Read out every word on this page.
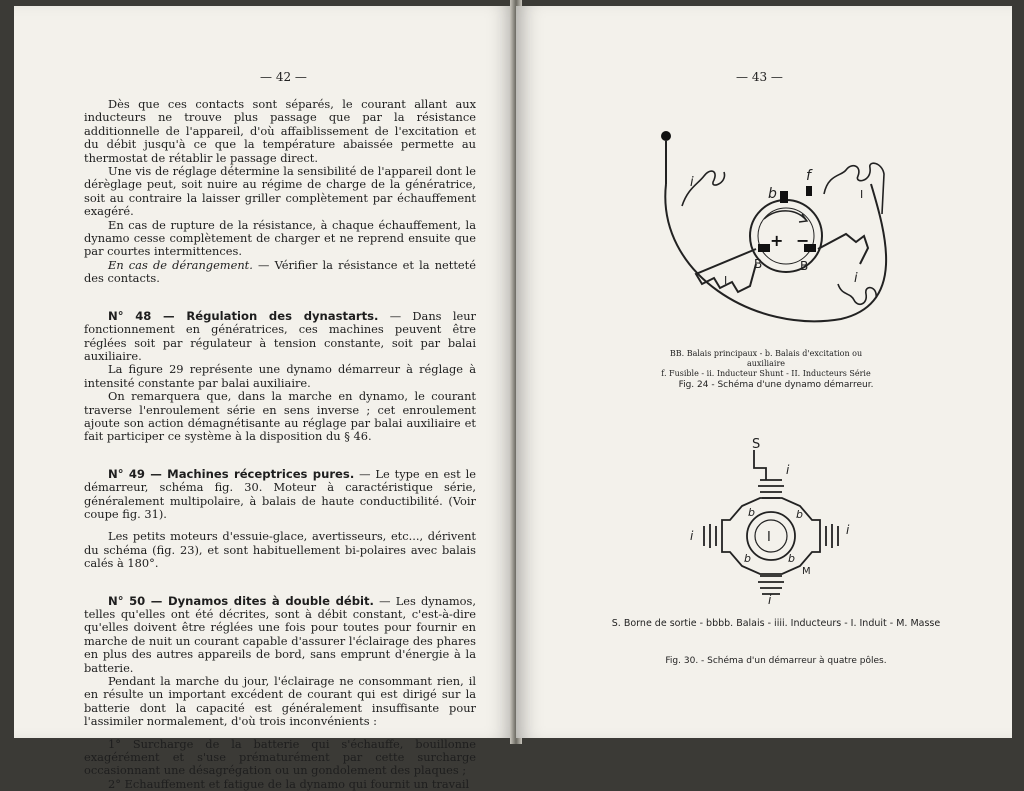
— 42 —

Dès que ces contacts sont séparés, le courant allant aux inducteurs ne trouve plus passage que par la résistance additionnelle de l'appareil, d'où affaiblissement de l'excitation et du débit jusqu'à ce que la température abaissée permette au thermostat de rétablir le passage direct.

Une vis de réglage détermine la sensibilité de l'appareil dont le dérèglage peut, soit nuire au régime de charge de la génératrice, soit au contraire la laisser griller complètement par échauffement exagéré.

En cas de rupture de la résistance, à chaque échauffement, la dynamo cesse complètement de charger et ne reprend ensuite que par courtes intermittences.

En cas de dérangement. — Vérifier la résistance et la netteté des contacts.

N° 48 — Régulation des dynastarts. — Dans leur fonctionnement en génératrices, ces machines peuvent être réglées soit par régulateur à tension constante, soit par balai auxiliaire.

La figure 29 représente une dynamo démarreur à réglage à intensité constante par balai auxiliaire.

On remarquera que, dans la marche en dynamo, le courant traverse l'enroulement série en sens inverse ; cet enroulement ajoute son action démagnétisante au réglage par balai auxiliaire et fait participer ce système à la disposition du § 46.

N° 49 — Machines réceptrices pures. — Le type en est le démarreur, schéma fig. 30. Moteur à caractéristique série, généralement multipolaire, à balais de haute conductibilité. (Voir coupe fig. 31).

Les petits moteurs d'essuie-glace, avertisseurs, etc..., dérivent du schéma (fig. 23), et sont habituellement bi-polaires avec balais calés à 180°.

N° 50 — Dynamos dites à double débit. — Les dynamos, telles qu'elles ont été décrites, sont à débit constant, c'est-à-dire qu'elles doivent être réglées une fois pour toutes pour fournir en marche de nuit un courant capable d'assurer l'éclairage des phares en plus des autres appareils de bord, sans emprunt d'énergie à la batterie.

Pendant la marche du jour, l'éclairage ne consommant rien, il en résulte un important excédent de courant qui est dirigé sur la batterie dont la capacité est généralement insuffisante pour l'assimiler normalement, d'où trois inconvénients :

1° Surcharge de la batterie qui s'échauffe, bouillonne exagérément et s'use prématurément par cette surcharge occasionnant une désagrégation ou un gondolement des plaques ;

2° Echauffement et fatigue de la dynamo qui fournit un travail

— 43 —
b
f
i
i
I
I
B	B
+ −
BB. Balais principaux - b. Balais d'excitation ou auxiliaire
f. Fusible - ii. Inducteur Shunt - II. Inducteurs Série
Fig. 24 - Schéma d'une dynamo démarreur.
S
I
i
i	i
i
b	b
b	b
M
S. Borne de sortie - bbbb. Balais - iiii. Inducteurs - I. Induit - M. Masse
Fig. 30. - Schéma d'un démarreur à quatre pôles.
